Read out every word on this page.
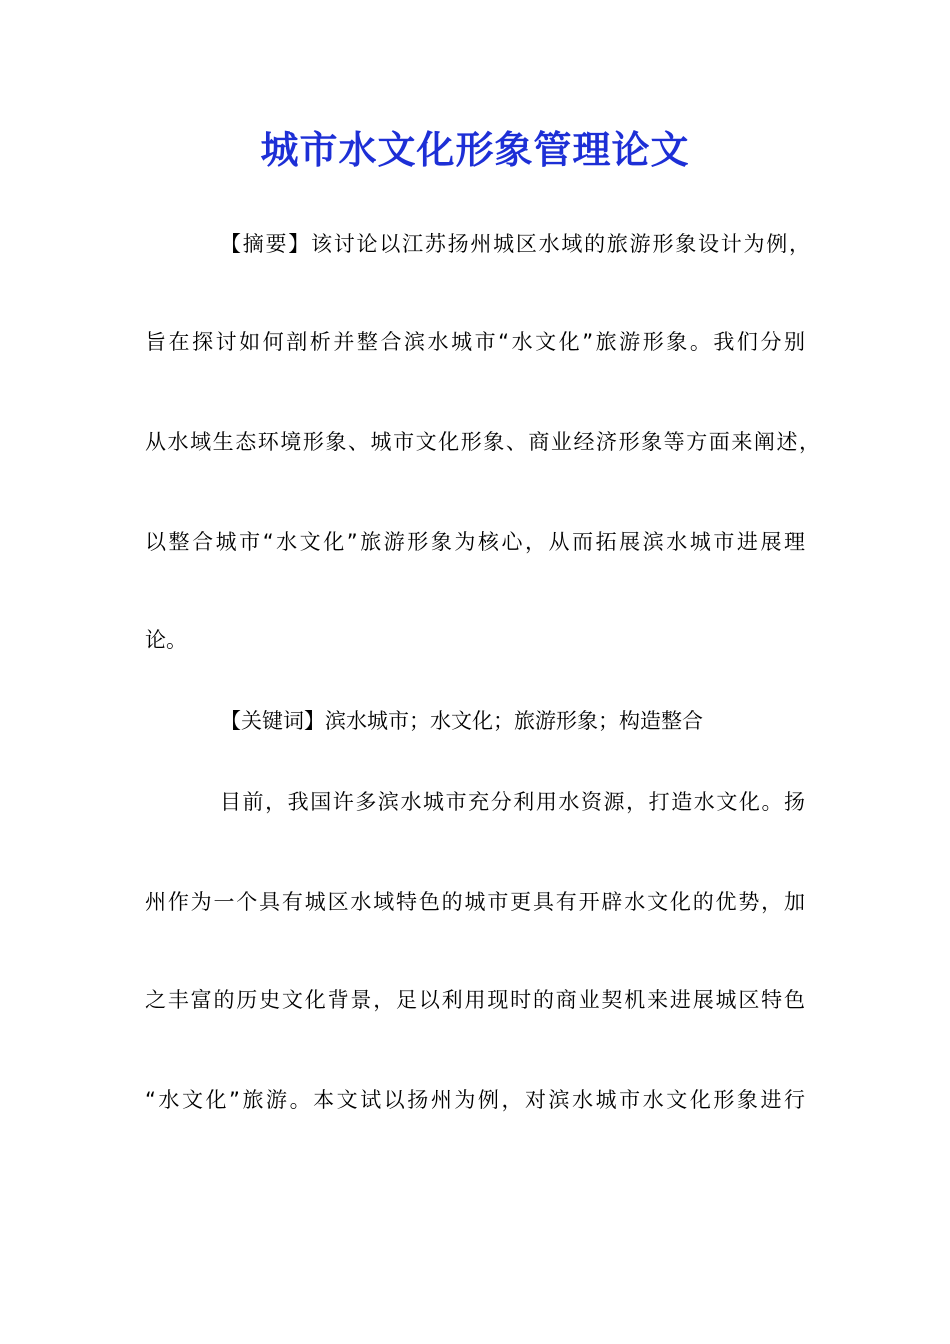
城市水文化形象管理论文

【摘要】该讨论以江苏扬州城区水域的旅游形象设计为例，

旨在探讨如何剖析并整合滨水城市“水文化”旅游形象。我们分别

从水域生态环境形象、城市文化形象、商业经济形象等方面来阐述，

以整合城市“水文化”旅游形象为核心，从而拓展滨水城市进展理

论。

【关键词】滨水城市；水文化；旅游形象；构造整合

目前，我国许多滨水城市充分利用水资源，打造水文化。扬

州作为一个具有城区水域特色的城市更具有开辟水文化的优势，加

之丰富的历史文化背景，足以利用现时的商业契机来进展城区特色

“水文化”旅游。本文试以扬州为例，对滨水城市水文化形象进行
